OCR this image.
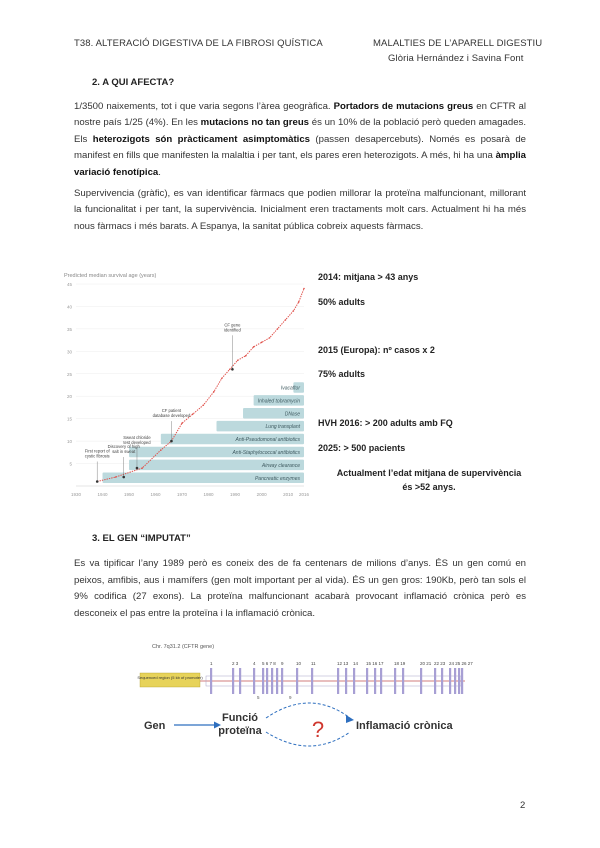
T38. ALTERACIÓ DIGESTIVA DE LA FIBROSI QUÍSTICA	MALALTIES DE L’APARELL DIGESTIU
Glòria Hernández i Savina Font
2. A QUI AFECTA?
1/3500 naixements, tot i que varia segons l’àrea geogràfica. Portadors de mutacions greus en CFTR al nostre país 1/25 (4%). En les mutacions no tan greus és un 10% de la població però queden amagades. Els heterozigots són pràcticament asimptomàtics (passen desapercebuts). Només es posarà de manifest en fills que manifesten la malaltia i per tant, els pares eren heterozigots. A més, hi ha una àmplia variació fenotípica.
Supervivencia (gràfic), es van identificar fàrmacs que podien millorar la proteïna malfuncionant, millorant la funcionalitat i per tant, la supervivència. Inicialment eren tractaments molt cars. Actualment hi ha més nous fàrmacs i més barats. A Espanya, la sanitat pública cobreix aquests fàrmacs.
Predicted median survival age (years)
Ivacaftor
Inhaled tobramycin
DNase
Lung transplant
Anti-Pseudomonal antibiotics
Anti-Staphylococcal antibiotics
Airway clearance
Pancreatic enzymes
CF gene identified
CF patient database developed
Sweat chloride test developed
Discovery of high salt in sweat
First report of cystic fibrosis
5
10
15
20
25
30
35
40
45
1930	1940	1950	1960	1970	1980	1990	2000	2010 2016
2014: mitjana > 43 anys
50% adults
2015 (Europa): nº casos x 2
75% adults
HVH 2016: > 200 adults amb FQ
2025: > 500 pacients
Actualment l’edat mitjana de supervivència
és >52 anys.
3. EL GEN “IMPUTAT”
Es va tipificar l’any 1989 però es coneix des de fa centenars de milions d’anys. ÉS un gen comú en peixos, amfibis, aus i mamífers (gen molt important per al vida). ÉS un gen gros: 190Kb, però tan sols el 9% codifica (27 exons). La proteïna malfuncionant acabarà provocant inflamació crònica però es desconeix el pas entre la proteïna i la inflamació crònica.
Chr. 7q31.2 (CFTR gene)
1	2 3	4 5 6 7 8 9	10 11	12 13 14 15 16 17 18 19	20 21 22 23 24 25 26 27
Sequenced region (5 kb of promoter)
5	9
Gen
Funció
proteïna ?	Inflamació crònica
2
